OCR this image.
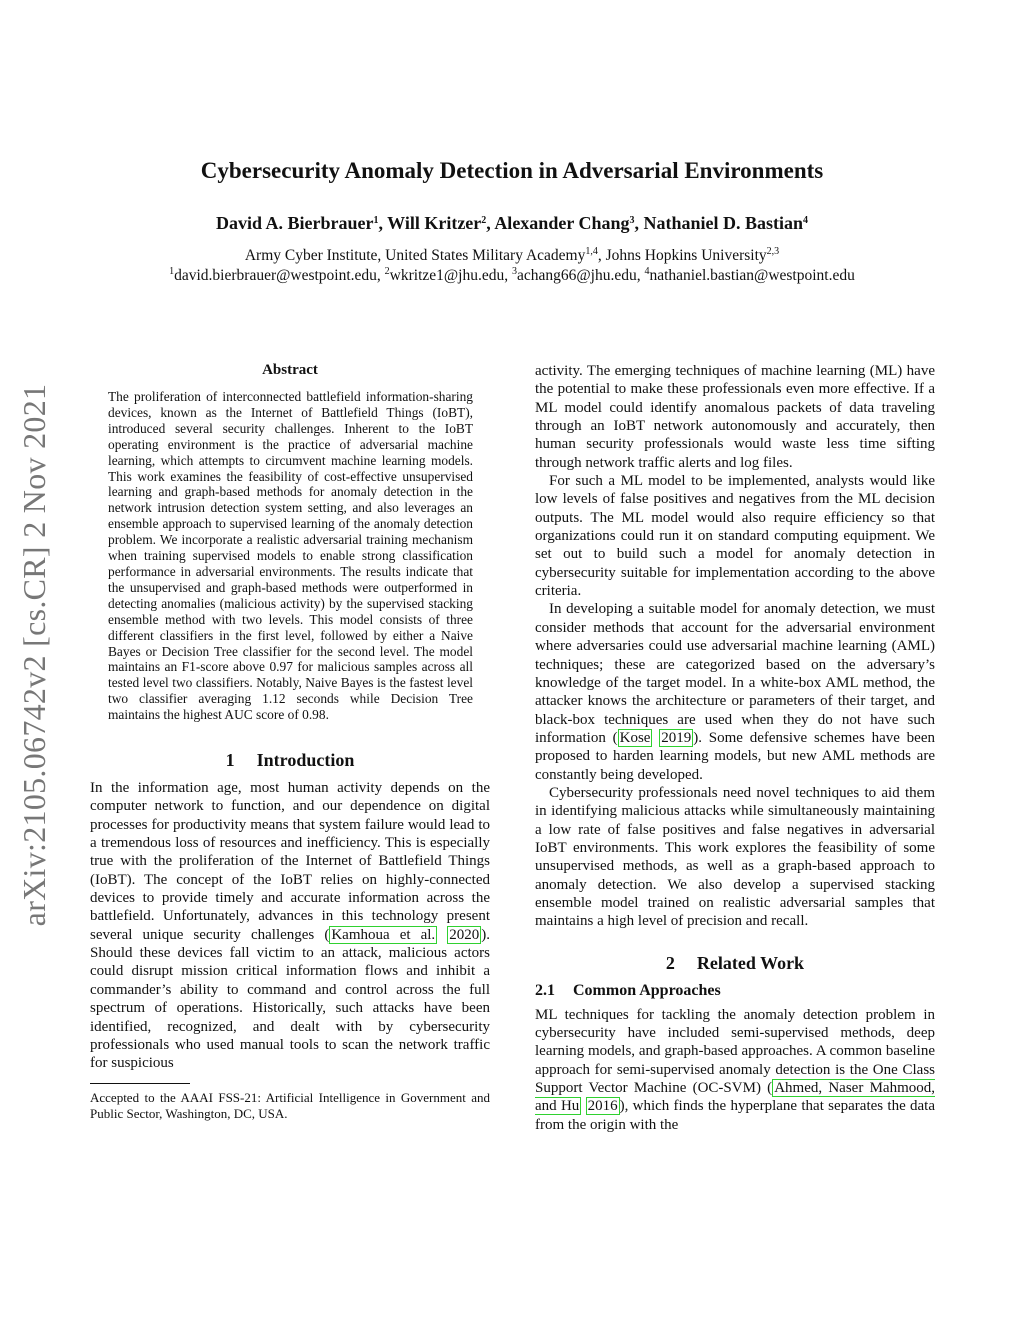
arXiv:2105.06742v2 [cs.CR] 2 Nov 2021
Cybersecurity Anomaly Detection in Adversarial Environments
David A. Bierbrauer$^1$, Will Kritzer$^2$, Alexander Chang$^3$, Nathaniel D. Bastian$^4$
Army Cyber Institute, United States Military Academy$^{1,4}$, Johns Hopkins University$^{2,3}$
$^1$david.bierbrauer@westpoint.edu, $^2$wkritze1@jhu.edu, $^3$achang66@jhu.edu, $^4$nathaniel.bastian@westpoint.edu

Abstract

The proliferation of interconnected battlefield information-sharing devices, known as the Internet of Battlefield Things (IoBT), introduced several security challenges. Inherent to the IoBT operating environment is the practice of adversarial machine learning, which attempts to circumvent machine learning models. This work examines the feasibility of cost-effective unsupervised learning and graph-based methods for anomaly detection in the network intrusion detection system setting, and also leverages an ensemble approach to supervised learning of the anomaly detection problem. We incorporate a realistic adversarial training mechanism when training supervised models to enable strong classification performance in adversarial environments. The results indicate that the unsupervised and graph-based methods were outperformed in detecting anomalies (malicious activity) by the supervised stacking ensemble method with two levels. This model consists of three different classifiers in the first level, followed by either a Naive Bayes or Decision Tree classifier for the second level. The model maintains an F1-score above 0.97 for malicious samples across all tested level two classifiers. Notably, Naive Bayes is the fastest level two classifier averaging 1.12 seconds while Decision Tree maintains the highest AUC score of 0.98.

1 Introduction

In the information age, most human activity depends on the computer network to function, and our dependence on digital processes for productivity means that system failure would lead to a tremendous loss of resources and inefficiency. This is especially true with the proliferation of the Internet of Battlefield Things (IoBT). The concept of the IoBT relies on highly-connected devices to provide timely and accurate information across the battlefield. Unfortunately, advances in this technology present several unique security challenges ( Kamhoua et al. 2020 ). Should these devices fall victim to an attack, malicious actors could disrupt mission critical information flows and inhibit a commander’s ability to command and control across the full spectrum of operations. Historically, such attacks have been identified, recognized, and dealt with by cybersecurity professionals who used manual tools to scan the network traffic for suspicious

Accepted to the AAAI FSS-21: Artificial Intelligence in Government and Public Sector, Washington, DC, USA.

activity. The emerging techniques of machine learning (ML) have the potential to make these professionals even more effective. If a ML model could identify anomalous packets of data traveling through an IoBT network autonomously and accurately, then human security professionals would waste less time sifting through network traffic alerts and log files.

For such a ML model to be implemented, analysts would like low levels of false positives and negatives from the ML decision outputs. The ML model would also require efficiency so that organizations could run it on standard computing equipment. We set out to build such a model for anomaly detection in cybersecurity suitable for implementation according to the above criteria.

In developing a suitable model for anomaly detection, we must consider methods that account for the adversarial environment where adversaries could use adversarial machine learning (AML) techniques; these are categorized based on the adversary’s knowledge of the target model. In a white-box AML method, the attacker knows the architecture or parameters of their target, and black-box techniques are used when they do not have such information ( Kose 2019 ). Some defensive schemes have been proposed to harden learning models, but new AML methods are constantly being developed.

Cybersecurity professionals need novel techniques to aid them in identifying malicious attacks while simultaneously maintaining a low rate of false positives and false negatives in adversarial IoBT environments. This work explores the feasibility of some unsupervised methods, as well as a graph-based approach to anomaly detection. We also develop a supervised stacking ensemble model trained on realistic adversarial samples that maintains a high level of precision and recall.

2 Related Work

2.1 Common Approaches

ML techniques for tackling the anomaly detection problem in cybersecurity have included semi-supervised methods, deep learning models, and graph-based approaches. A common baseline approach for semi-supervised anomaly detection is the One Class Support Vector Machine (OC-SVM) ( Ahmed, Naser Mahmood, and Hu 2016 ), which finds the hyperplane that separates the data from the origin with the
